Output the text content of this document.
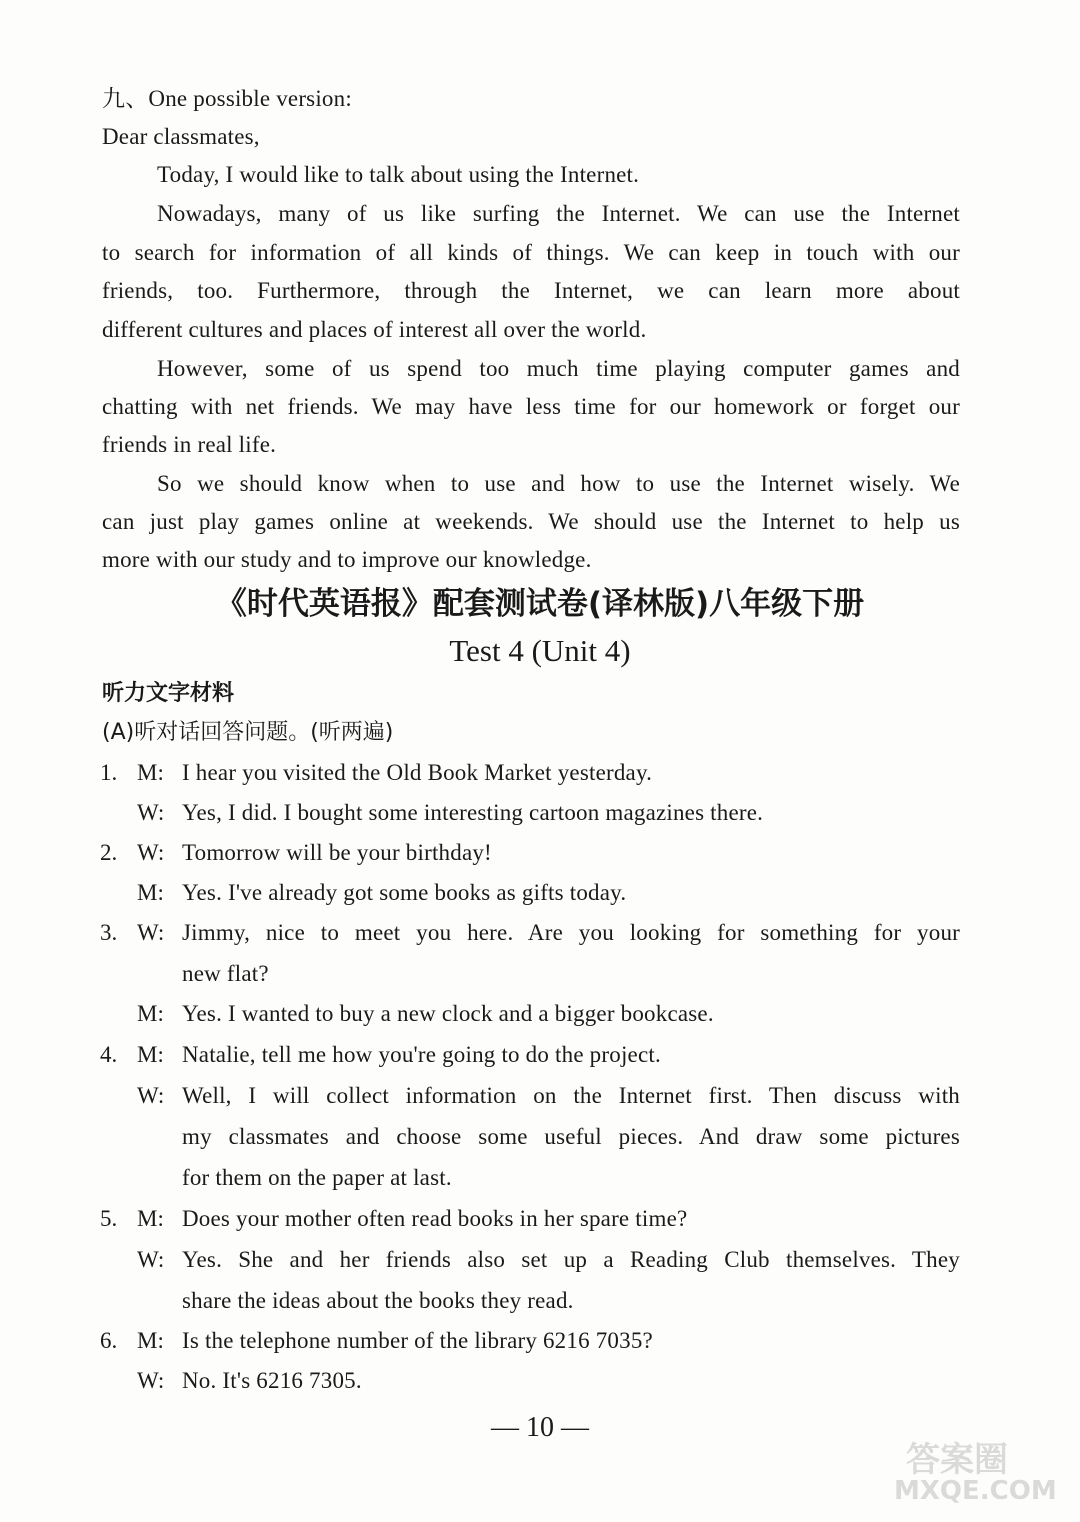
九、One possible version:
Dear classmates,
Today, I would like to talk about using the Internet.
Nowadays, many of us like surfing the Internet. We can use the Internet
to search for information of all kinds of things. We can keep in touch with our
friends, too. Furthermore, through the Internet, we can learn more about
different cultures and places of interest all over the world.
However, some of us spend too much time playing computer games and
chatting with net friends. We may have less time for our homework or forget our
friends in real life.
So we should know when to use and how to use the Internet wisely. We
can just play games online at weekends. We should use the Internet to help us
more with our study and to improve our knowledge.
《时代英语报》配套测试卷(译林版)八年级下册
Test 4 (Unit 4)
听力文字材料
(A)听对话回答问题。(听两遍)
1. M: I hear you visited the Old Book Market yesterday.
W: Yes, I did. I bought some interesting cartoon magazines there.
2. W: Tomorrow will be your birthday!
M: Yes. I've already got some books as gifts today.
3. W: Jimmy, nice to meet you here. Are you looking for something for your
new flat?
M: Yes. I wanted to buy a new clock and a bigger bookcase.
4. M: Natalie, tell me how you're going to do the project.
W: Well, I will collect information on the Internet first. Then discuss with
my classmates and choose some useful pieces. And draw some pictures
for them on the paper at last.
5. M: Does your mother often read books in her spare time?
W: Yes. She and her friends also set up a Reading Club themselves. They
share the ideas about the books they read.
6. M: Is the telephone number of the library 6216 7035?
W: No. It's 6216 7305.
— 10 —
答案圈
MXQE.COM
